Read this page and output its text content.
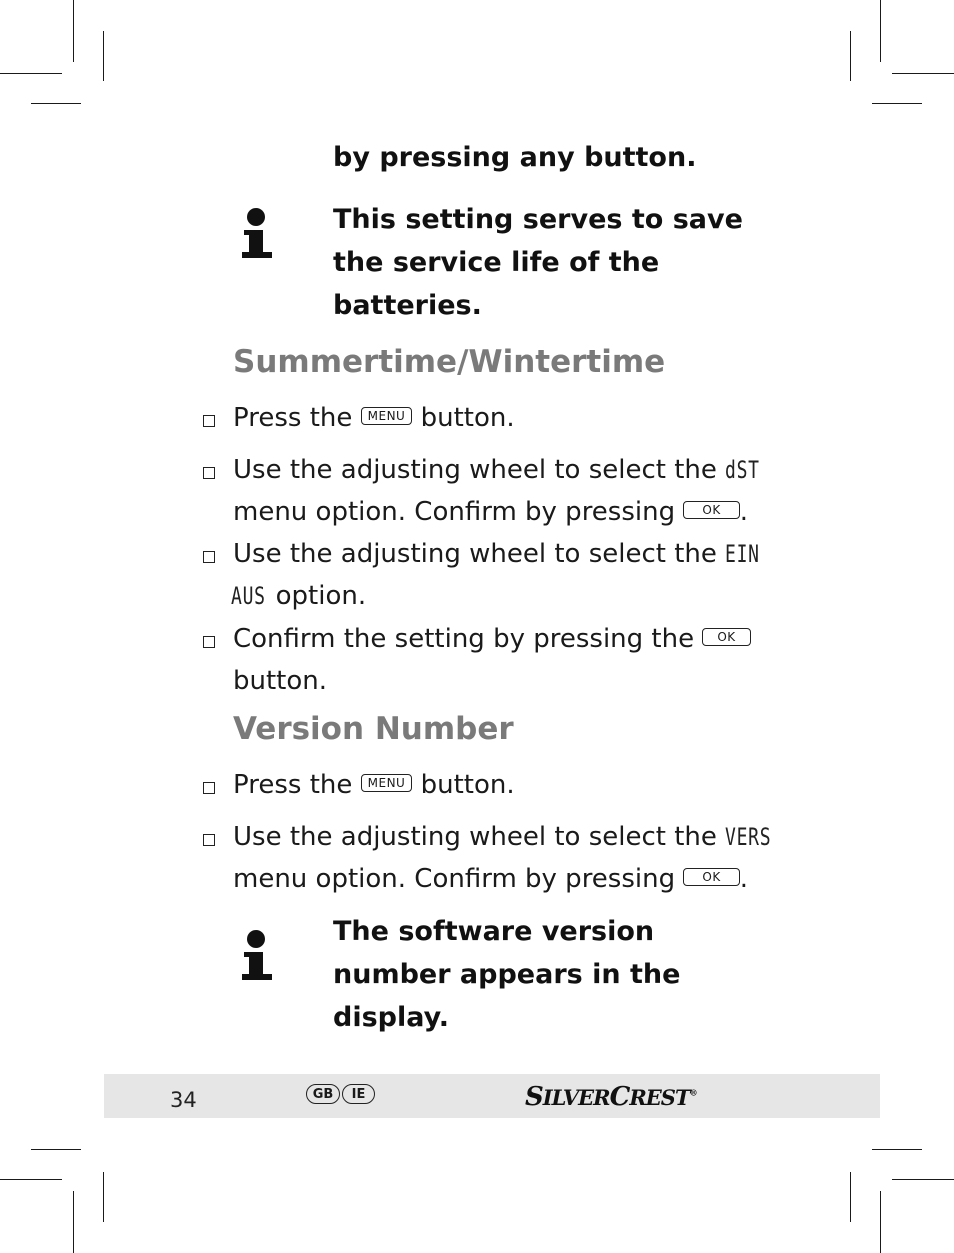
by pressing any button.
This setting serves to save
the service life of the
batteries.
Summertime/Wintertime
Press the MENU button.
Use the adjusting wheel to select the dST
menu option. Confirm by pressing OK .
Use the adjusting wheel to select the EIN
AUS option.
Confirm the setting by pressing the OK
button.
Version Number
Press the MENU button.
Use the adjusting wheel to select the VERS
menu option. Confirm by pressing OK .
The software version
number appears in the
display.
34	GB	IE	SILVERCREST®
